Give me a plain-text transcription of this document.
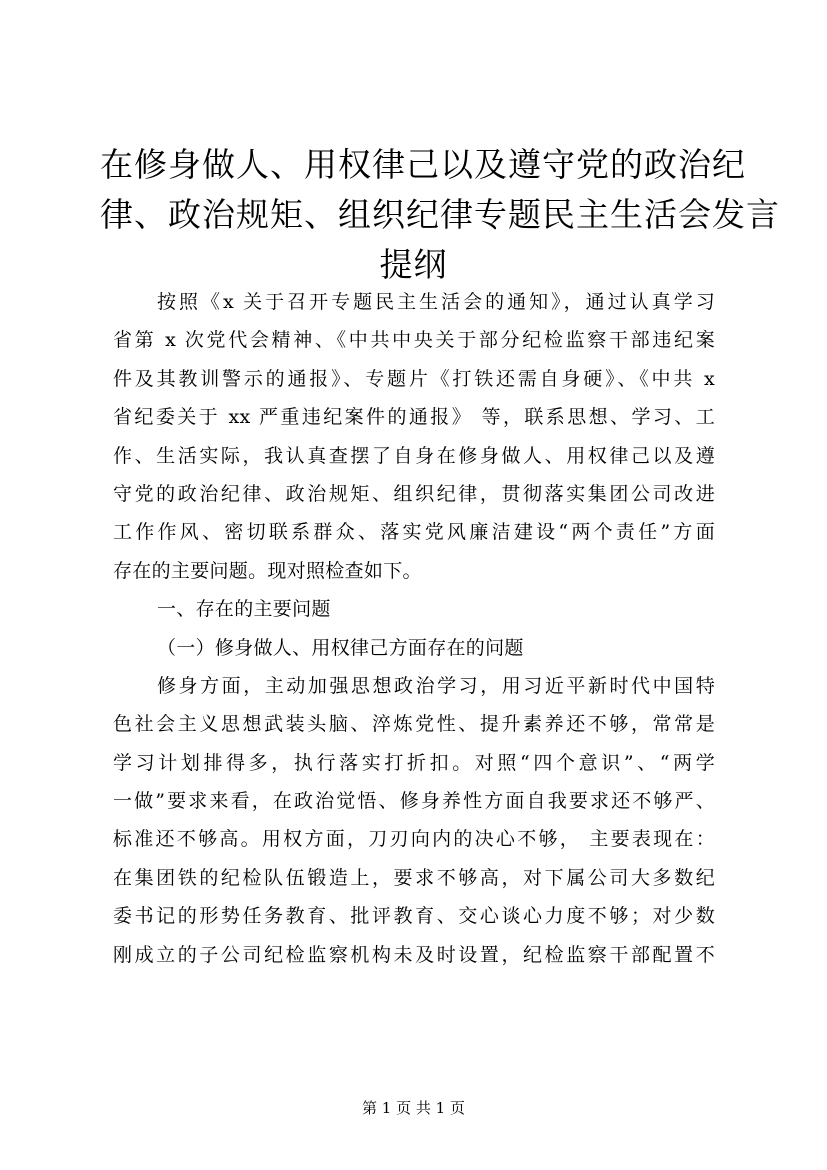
在修身做人、用权律己以及遵守党的政治纪
律、政治规矩、组织纪律专题民主生活会发言
提纲
按照《x 关于召开专题民主生活会的通知》，通过认真学习
省第 x 次党代会精神、《中共中央关于部分纪检监察干部违纪案
件及其教训警示的通报》、专题片《打铁还需自身硬》、《中共 x
省纪委关于 xx 严重违纪案件的通报》 等，联系思想、学习、工
作、生活实际，我认真查摆了自身在修身做人、用权律己以及遵
守党的政治纪律、政治规矩、组织纪律，贯彻落实集团公司改进
工作作风、密切联系群众、落实党风廉洁建设“两个责任”方面
存在的主要问题。现对照检查如下。
一、存在的主要问题
（一）修身做人、用权律己方面存在的问题
修身方面，主动加强思想政治学习，用习近平新时代中国特
色社会主义思想武装头脑、淬炼党性、提升素养还不够，常常是
学习计划排得多，执行落实打折扣。对照“四个意识”、“两学
一做”要求来看，在政治觉悟、修身养性方面自我要求还不够严、
标准还不够高。用权方面，刀刃向内的决心不够， 主要表现在：
在集团铁的纪检队伍锻造上，要求不够高，对下属公司大多数纪
委书记的形势任务教育、批评教育、交心谈心力度不够；对少数
刚成立的子公司纪检监察机构未及时设置，纪检监察干部配置不
第 1 页 共 1 页
